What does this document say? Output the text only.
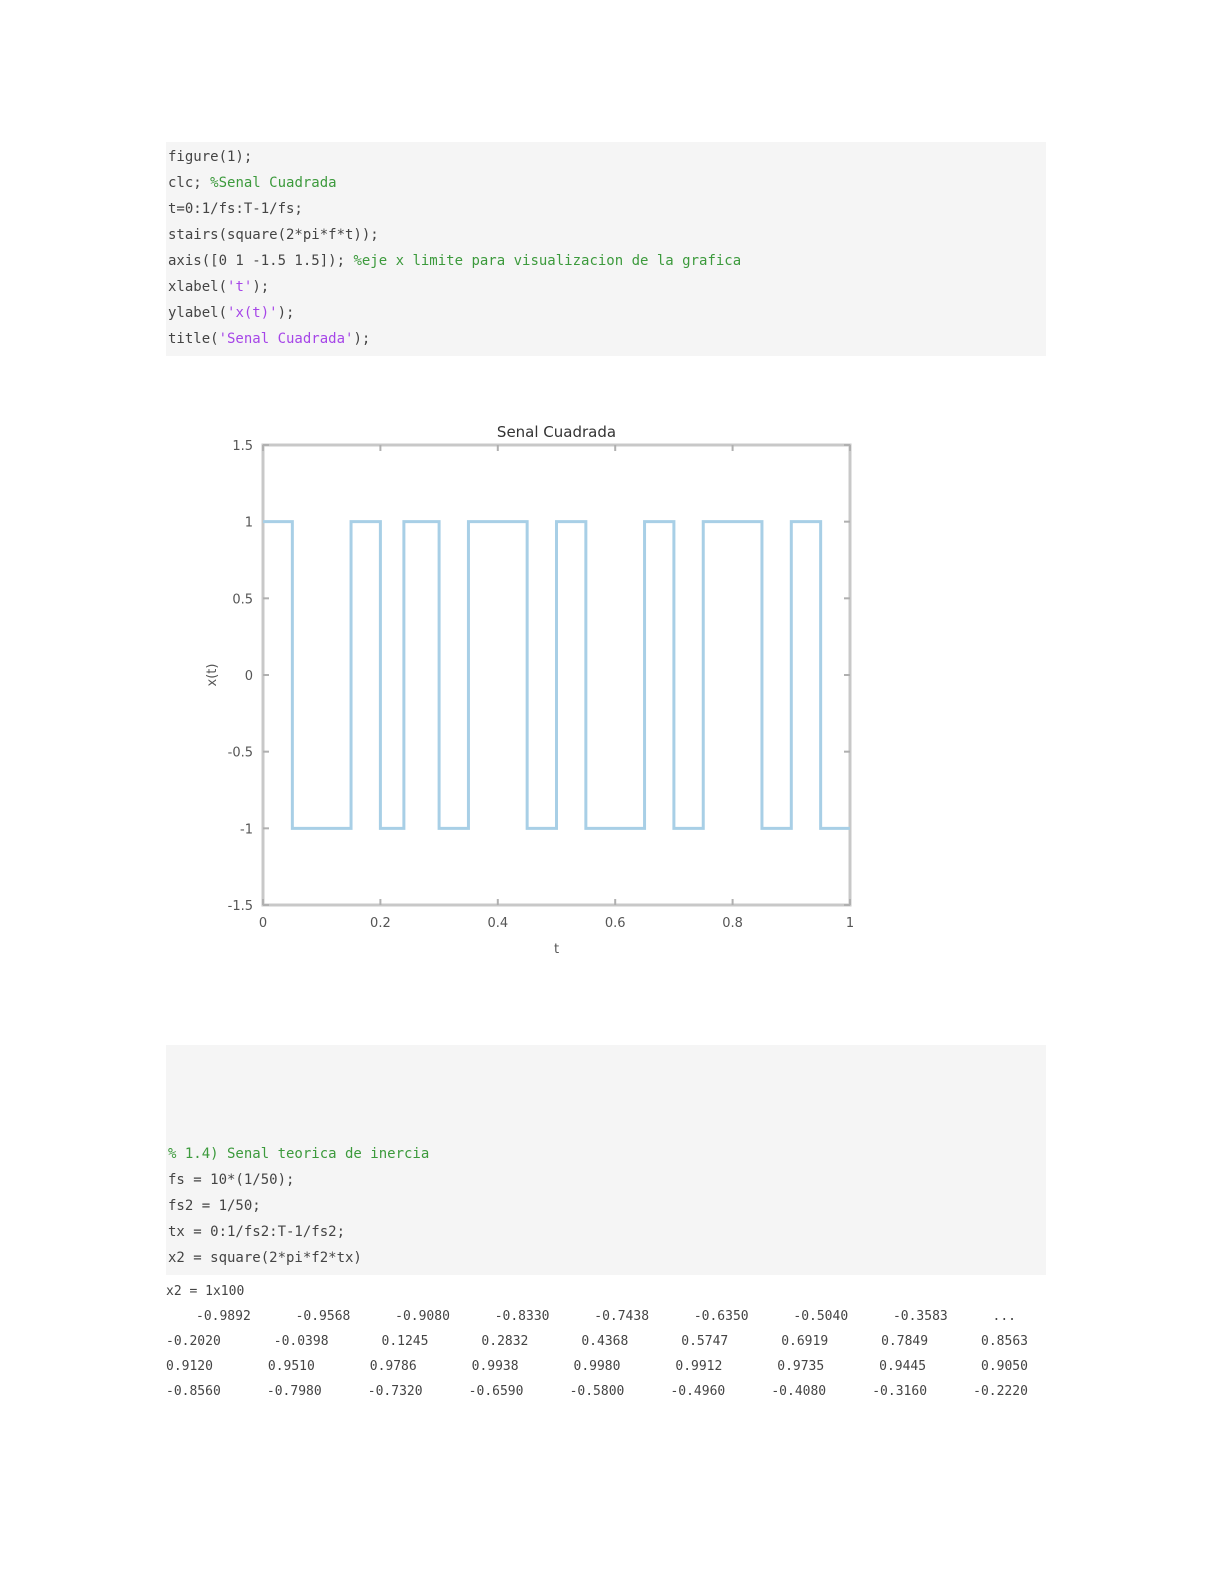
figure(1);
clc; %Senal Cuadrada
t=0:1/fs:T-1/fs;
stairs(square(2*pi*f*t));
axis([0 1 -1.5 1.5]); %eje x limite para visualizacion de la grafica
xlabel('t');
ylabel('x(t)');
title('Senal Cuadrada');
Senal Cuadrada
t
x(t)
0	0.2	0.4	0.6	0.8	1
-1.5
-1
-0.5
0
0.5
1
1.5
% 1.4) Senal teorica de inercia
fs = 10*(1/50);
fs2 = 1/50;
tx = 0:1/fs2:T-1/fs2;
x2 = square(2*pi*f2*tx)
x2 = 1x100
-0.9892	-0.9568	-0.9080	-0.8330	-0.7438	-0.6350	-0.5040	-0.3583	...
-0.2020	-0.0398	0.1245	0.2832	0.4368	0.5747	0.6919	0.7849	0.8563
0.9120	0.9510	0.9786	0.9938	0.9980	0.9912	0.9735	0.9445	0.9050
-0.8560	-0.7980	-0.7320	-0.6590	-0.5800	-0.4960	-0.4080	-0.3160	-0.2220
